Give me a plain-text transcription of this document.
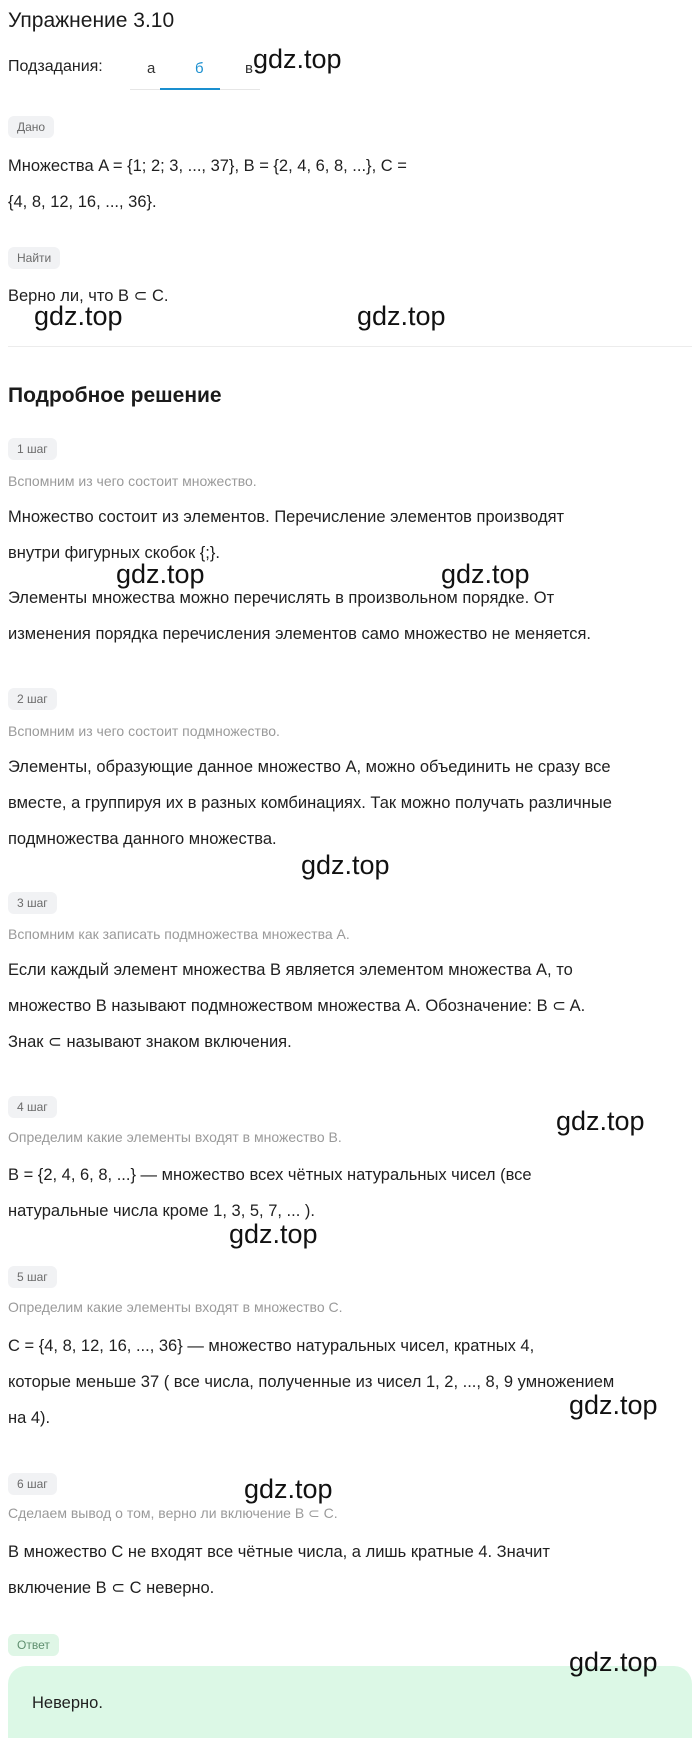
Упражнение 3.10
Подзадания:	а	б	в
Дано
Множества A = {1; 2; 3, ..., 37}, B = {2, 4, 6, 8, ...}, C =
{4, 8, 12, 16, ..., 36}.
Найти
Верно ли, что B ⊂ C.
Подробное решение
1 шаг
Вспомним из чего состоит множество.
Множество состоит из элементов. Перечисление элементов производят
внутри фигурных скобок {;}.
Элементы множества можно перечислять в произвольном порядке. От
изменения порядка перечисления элементов само множество не меняется.
2 шаг
Вспомним из чего состоит подмножество.
Элементы, образующие данное множество А, можно объединить не сразу все
вместе, а группируя их в разных комбинациях. Так можно получать различные
подмножества данного множества.
3 шаг
Вспомним как записать подмножества множества А.
Если каждый элемент множества B является элементом множества A, то
множество B называют подмножеством множества A. Обозначение: B ⊂ A.
Знак ⊂ называют знаком включения.
4 шаг
Определим какие элементы входят в множество B.
B = {2, 4, 6, 8, ...} — множество всех чётных натуральных чисел (все
натуральные числа кроме 1, 3, 5, 7, ... ).
5 шаг
Определим какие элементы входят в множество C.
C = {4, 8, 12, 16, ..., 36} — множество натуральных чисел, кратных 4,
которые меньше 37 ( все числа, полученные из чисел 1, 2, ..., 8, 9 умножением
на 4).
6 шаг
Сделаем вывод о том, верно ли включение B ⊂ C.
В множество C не входят все чётные числа, а лишь кратные 4. Значит
включение B ⊂ C неверно.
Ответ
Неверно.
gdz.top
gdz.top	gdz.top
gdz.top	gdz.top
gdz.top
gdz.top
gdz.top
gdz.top
gdz.top
gdz.top
